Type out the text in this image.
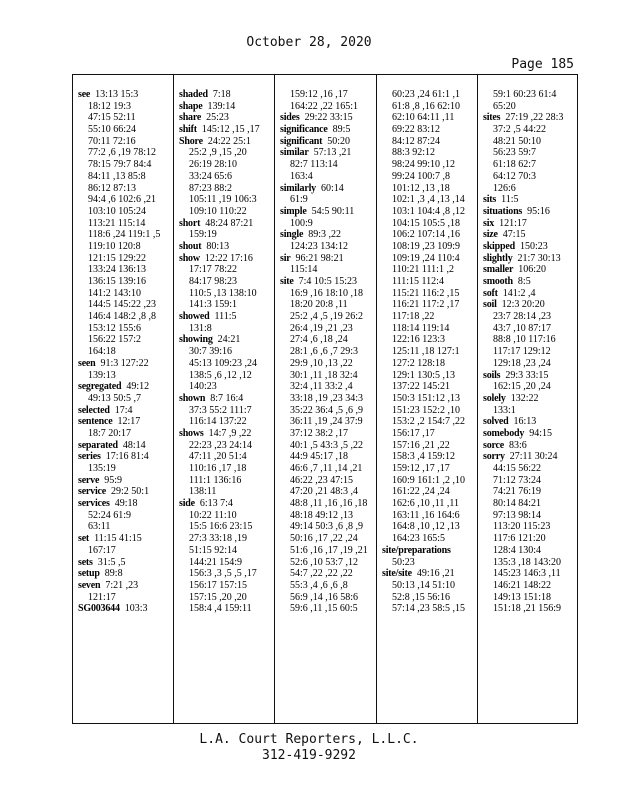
October 28, 2020
Page 185
see 13:13 15:3
18:12 19:3
47:15 52:11
55:10 66:24
70:11 72:16
77:2 ,6 ,19 78:12
78:15 79:7 84:4
84:11 ,13 85:8
86:12 87:13
94:4 ,6 102:6 ,21
103:10 105:24
113:21 115:14
118:6 ,24 119:1 ,5
119:10 120:8
121:15 129:22
133:24 136:13
136:15 139:16
141:2 143:10
144:5 145:22 ,23
146:4 148:2 ,8 ,8
153:12 155:6
156:22 157:2
164:18
seen 91:3 127:22
139:13
segregated 49:12
49:13 50:5 ,7
selected 17:4
sentence 12:17
18:7 20:17
separated 48:14
series 17:16 81:4
135:19
serve 95:9
service 29:2 50:1
services 49:18
52:24 61:9
63:11
set 11:15 41:15
167:17
sets 31:5 ,5
setup 89:8
seven 7:21 ,23
121:17
SG003644 103:3
shaded 7:18
shape 139:14
share 25:23
shift 145:12 ,15 ,17
Shore 24:22 25:1
25:2 ,9 ,15 ,20
26:19 28:10
33:24 65:6
87:23 88:2
105:11 ,19 106:3
109:10 110:22
short 48:24 87:21
159:19
shout 80:13
show 12:22 17:16
17:17 78:22
84:17 98:23
110:5 ,13 138:10
141:3 159:1
showed 111:5
131:8
showing 24:21
30:7 39:16
45:13 109:23 ,24
138:5 ,6 ,12 ,12
140:23
shown 8:7 16:4
37:3 55:2 111:7
116:14 137:22
shows 14:7 ,9 ,22
22:23 ,23 24:14
47:11 ,20 51:4
110:16 ,17 ,18
111:1 136:16
138:11
side 6:13 7:4
10:22 11:10
15:5 16:6 23:15
27:3 33:18 ,19
51:15 92:14
144:21 154:9
156:3 ,3 ,5 ,5 ,17
156:17 157:15
157:15 ,20 ,20
158:4 ,4 159:11
159:12 ,16 ,17
164:22 ,22 165:1
sides 29:22 33:15
significance 89:5
significant 50:20
similar 57:13 ,21
82:7 113:14
163:4
similarly 60:14
61:9
simple 54:5 90:11
100:9
single 89:3 ,22
124:23 134:12
sir 96:21 98:21
115:14
site 7:4 10:5 15:23
16:9 ,16 18:10 ,18
18:20 20:8 ,11
25:2 ,4 ,5 ,19 26:2
26:4 ,19 ,21 ,23
27:4 ,6 ,18 ,24
28:1 ,6 ,6 ,7 29:3
29:9 ,10 ,13 ,22
30:1 ,11 ,18 32:4
32:4 ,11 33:2 ,4
33:18 ,19 ,23 34:3
35:22 36:4 ,5 ,6 ,9
36:11 ,19 ,24 37:9
37:12 38:2 ,17
40:1 ,5 43:3 ,5 ,22
44:9 45:17 ,18
46:6 ,7 ,11 ,14 ,21
46:22 ,23 47:15
47:20 ,21 48:3 ,4
48:8 ,11 ,16 ,16 ,18
48:18 49:12 ,13
49:14 50:3 ,6 ,8 ,9
50:16 ,17 ,22 ,24
51:6 ,16 ,17 ,19 ,21
52:6 ,10 53:7 ,12
54:7 ,22 ,22 ,22
55:3 ,4 ,6 ,6 ,8
56:9 ,14 ,16 58:6
59:6 ,11 ,15 60:5
60:23 ,24 61:1 ,1
61:8 ,8 ,16 62:10
62:10 64:11 ,11
69:22 83:12
84:12 87:24
88:3 92:12
98:24 99:10 ,12
99:24 100:7 ,8
101:12 ,13 ,18
102:1 ,3 ,4 ,13 ,14
103:1 104:4 ,8 ,12
104:15 105:5 ,18
106:2 107:14 ,16
108:19 ,23 109:9
109:19 ,24 110:4
110:21 111:1 ,2
111:15 112:4
115:21 116:2 ,15
116:21 117:2 ,17
117:18 ,22
118:14 119:14
122:16 123:3
125:11 ,18 127:1
127:2 128:18
129:1 130:5 ,13
137:22 145:21
150:3 151:12 ,13
151:23 152:2 ,10
153:2 ,2 154:7 ,22
156:17 ,17
157:16 ,21 ,22
158:3 ,4 159:12
159:12 ,17 ,17
160:9 161:1 ,2 ,10
161:22 ,24 ,24
162:6 ,10 ,11 ,11
163:11 ,16 164:6
164:8 ,10 ,12 ,13
164:23 165:5
site/preparations
50:23
site/site 49:16 ,21
50:13 ,14 51:10
52:8 ,15 56:16
57:14 ,23 58:5 ,15
59:1 60:23 61:4
65:20
sites 27:19 ,22 28:3
37:2 ,5 44:22
48:21 50:10
56:23 59:7
61:18 62:7
64:12 70:3
126:6
sits 11:5
situations 95:16
six 121:17
size 47:15
skipped 150:23
slightly 21:7 30:13
smaller 106:20
smooth 8:5
soft 141:2 ,4
soil 12:3 20:20
23:7 28:14 ,23
43:7 ,10 87:17
88:8 ,10 117:16
117:17 129:12
129:18 ,23 ,24
soils 29:3 33:15
162:15 ,20 ,24
solely 132:22
133:1
solved 16:13
somebody 94:15
sorce 83:6
sorry 27:11 30:24
44:15 56:22
71:12 73:24
74:21 76:19
80:14 84:21
97:13 98:14
113:20 115:23
117:6 121:20
128:4 130:4
135:3 ,18 143:20
145:23 146:3 ,11
146:21 148:22
149:13 151:18
151:18 ,21 156:9
L.A. Court Reporters, L.L.C.
312-419-9292
